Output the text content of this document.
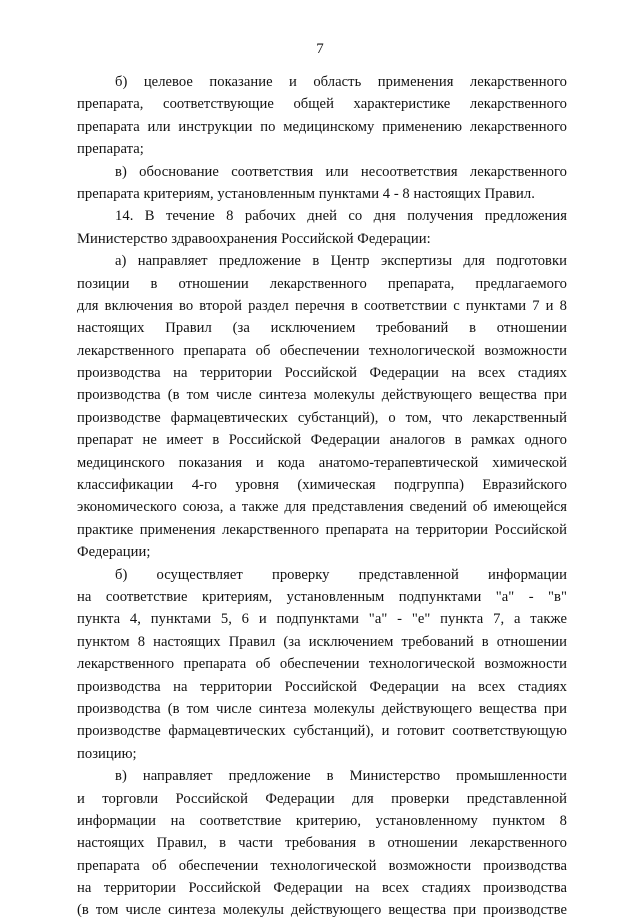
7
б) целевое показание и область применения лекарственного
препарата, соответствующие общей характеристике лекарственного
препарата или инструкции по медицинскому применению лекарственного
препарата;
в) обоснование соответствия или несоответствия лекарственного
препарата критериям, установленным пунктами 4 - 8 настоящих Правил.
14. В течение 8 рабочих дней со дня получения предложения
Министерство здравоохранения Российской Федерации:
а) направляет предложение в Центр экспертизы для подготовки
позиции в отношении лекарственного препарата, предлагаемого
для включения во второй раздел перечня в соответствии с пунктами 7 и 8
настоящих Правил (за исключением требований в отношении
лекарственного препарата об обеспечении технологической возможности
производства на территории Российской Федерации на всех стадиях
производства (в том числе синтеза молекулы действующего вещества при
производстве фармацевтических субстанций), о том, что лекарственный
препарат не имеет в Российской Федерации аналогов в рамках одного
медицинского показания и кода анатомо-терапевтической химической
классификации 4-го уровня (химическая подгруппа) Евразийского
экономического союза, а также для представления сведений об имеющейся
практике применения лекарственного препарата на территории Российской
Федерации;
б) осуществляет проверку представленной информации
на соответствие критериям, установленным подпунктами "а" - "в"
пункта 4, пунктами 5, 6 и подпунктами "а" - "е" пункта 7, а также
пунктом 8 настоящих Правил (за исключением требований в отношении
лекарственного препарата об обеспечении технологической возможности
производства на территории Российской Федерации на всех стадиях
производства (в том числе синтеза молекулы действующего вещества при
производстве фармацевтических субстанций), и готовит соответствующую
позицию;
в) направляет предложение в Министерство промышленности
и торговли Российской Федерации для проверки представленной
информации на соответствие критерию, установленному пунктом 8
настоящих Правил, в части требования в отношении лекарственного
препарата об обеспечении технологической возможности производства
на территории Российской Федерации на всех стадиях производства
(в том числе синтеза молекулы действующего вещества при производстве
